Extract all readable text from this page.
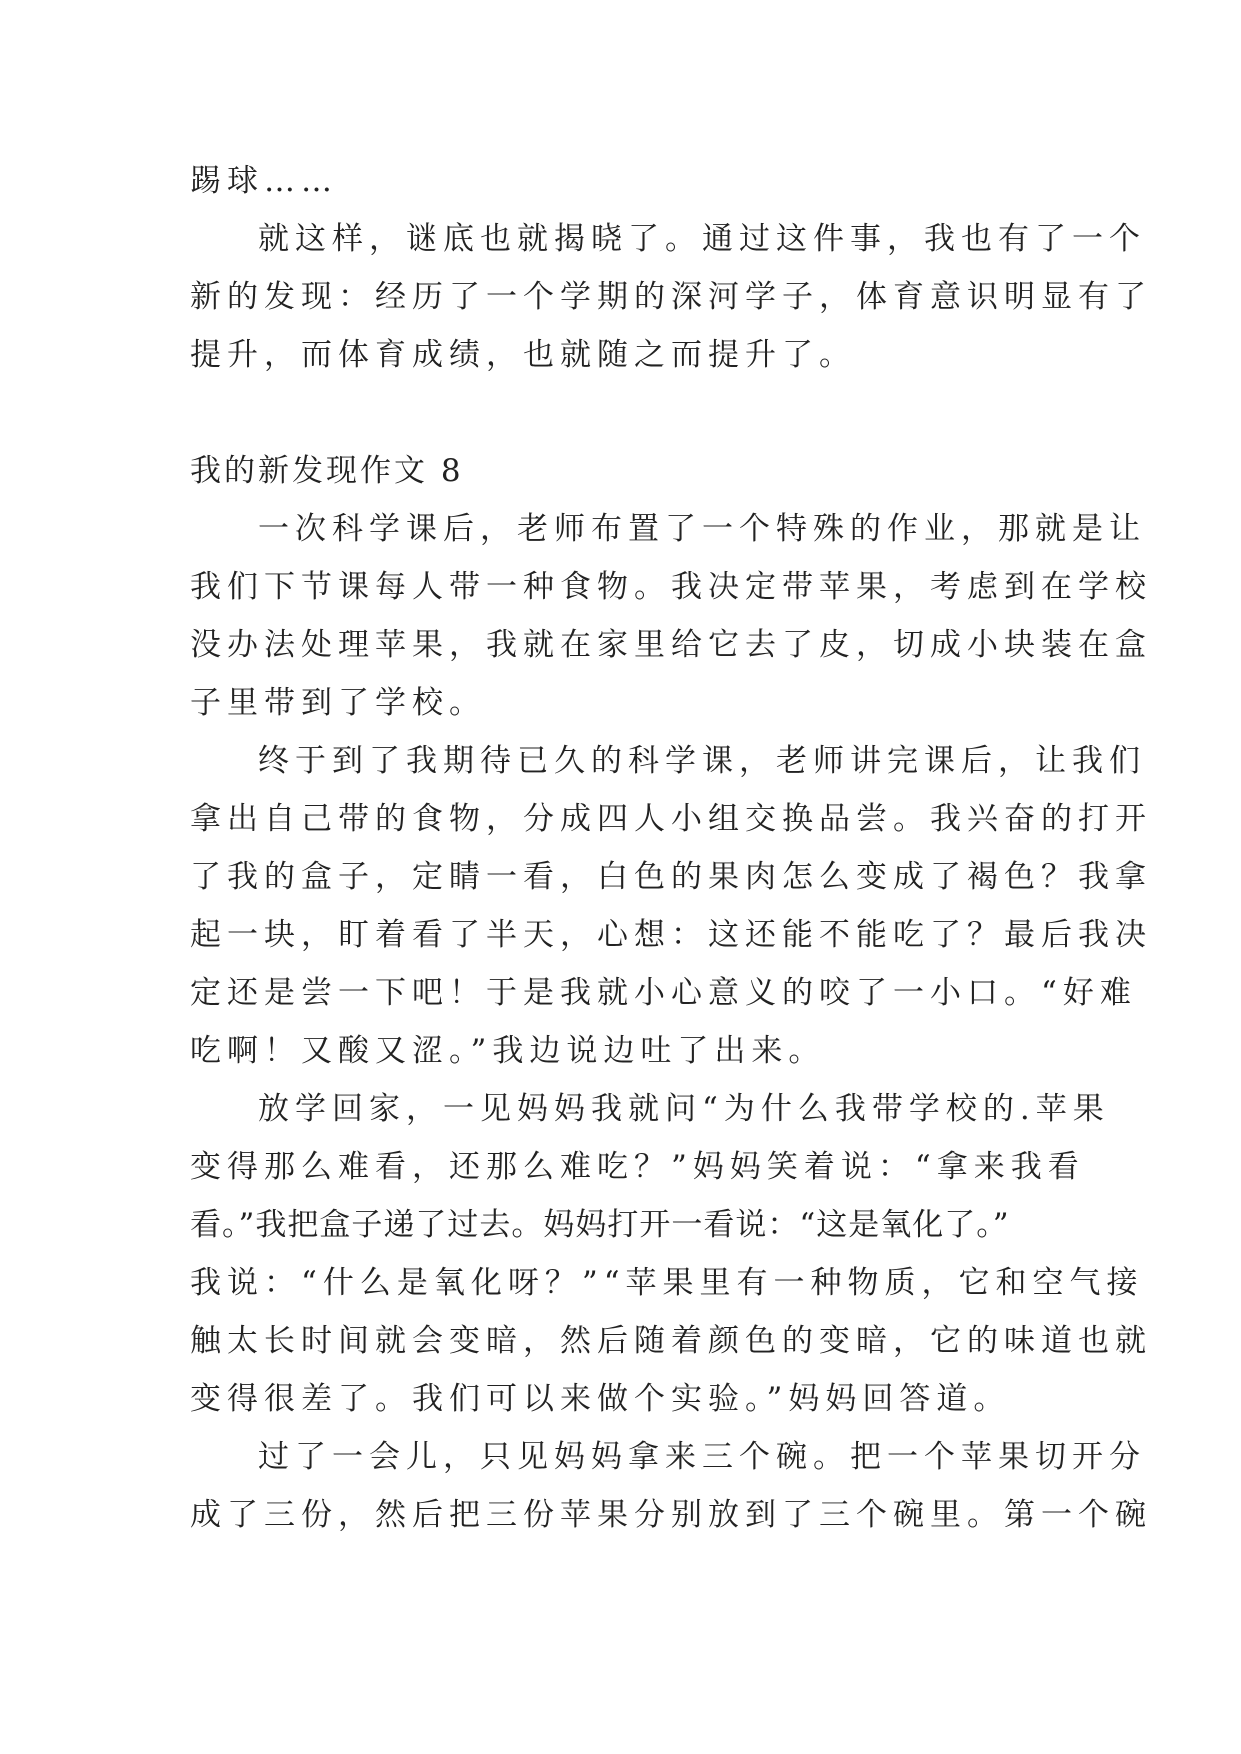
踢球……
就这样，谜底也就揭晓了。通过这件事，我也有了一个
新的发现：经历了一个学期的深河学子，体育意识明显有了
提升，而体育成绩，也就随之而提升了。
我的新发现作文 8
一次科学课后，老师布置了一个特殊的作业，那就是让
我们下节课每人带一种食物。我决定带苹果，考虑到在学校
没办法处理苹果，我就在家里给它去了皮，切成小块装在盒
子里带到了学校。
终于到了我期待已久的科学课，老师讲完课后，让我们
拿出自己带的食物，分成四人小组交换品尝。我兴奋的打开
了我的盒子，定睛一看，白色的果肉怎么变成了褐色？我拿
起一块，盯着看了半天，心想：这还能不能吃了？最后我决
定还是尝一下吧！于是我就小心意义的咬了一小口。“好难
吃啊！又酸又涩。”我边说边吐了出来。
放学回家，一见妈妈我就问“为什么我带学校的.苹果
变得那么难看，还那么难吃？”妈妈笑着说：“拿来我看
看。”我把盒子递了过去。妈妈打开一看说：“这是氧化了。”
我说：“什么是氧化呀？”“苹果里有一种物质，它和空气接
触太长时间就会变暗，然后随着颜色的变暗，它的味道也就
变得很差了。我们可以来做个实验。”妈妈回答道。
过了一会儿，只见妈妈拿来三个碗。把一个苹果切开分
成了三份，然后把三份苹果分别放到了三个碗里。第一个碗
